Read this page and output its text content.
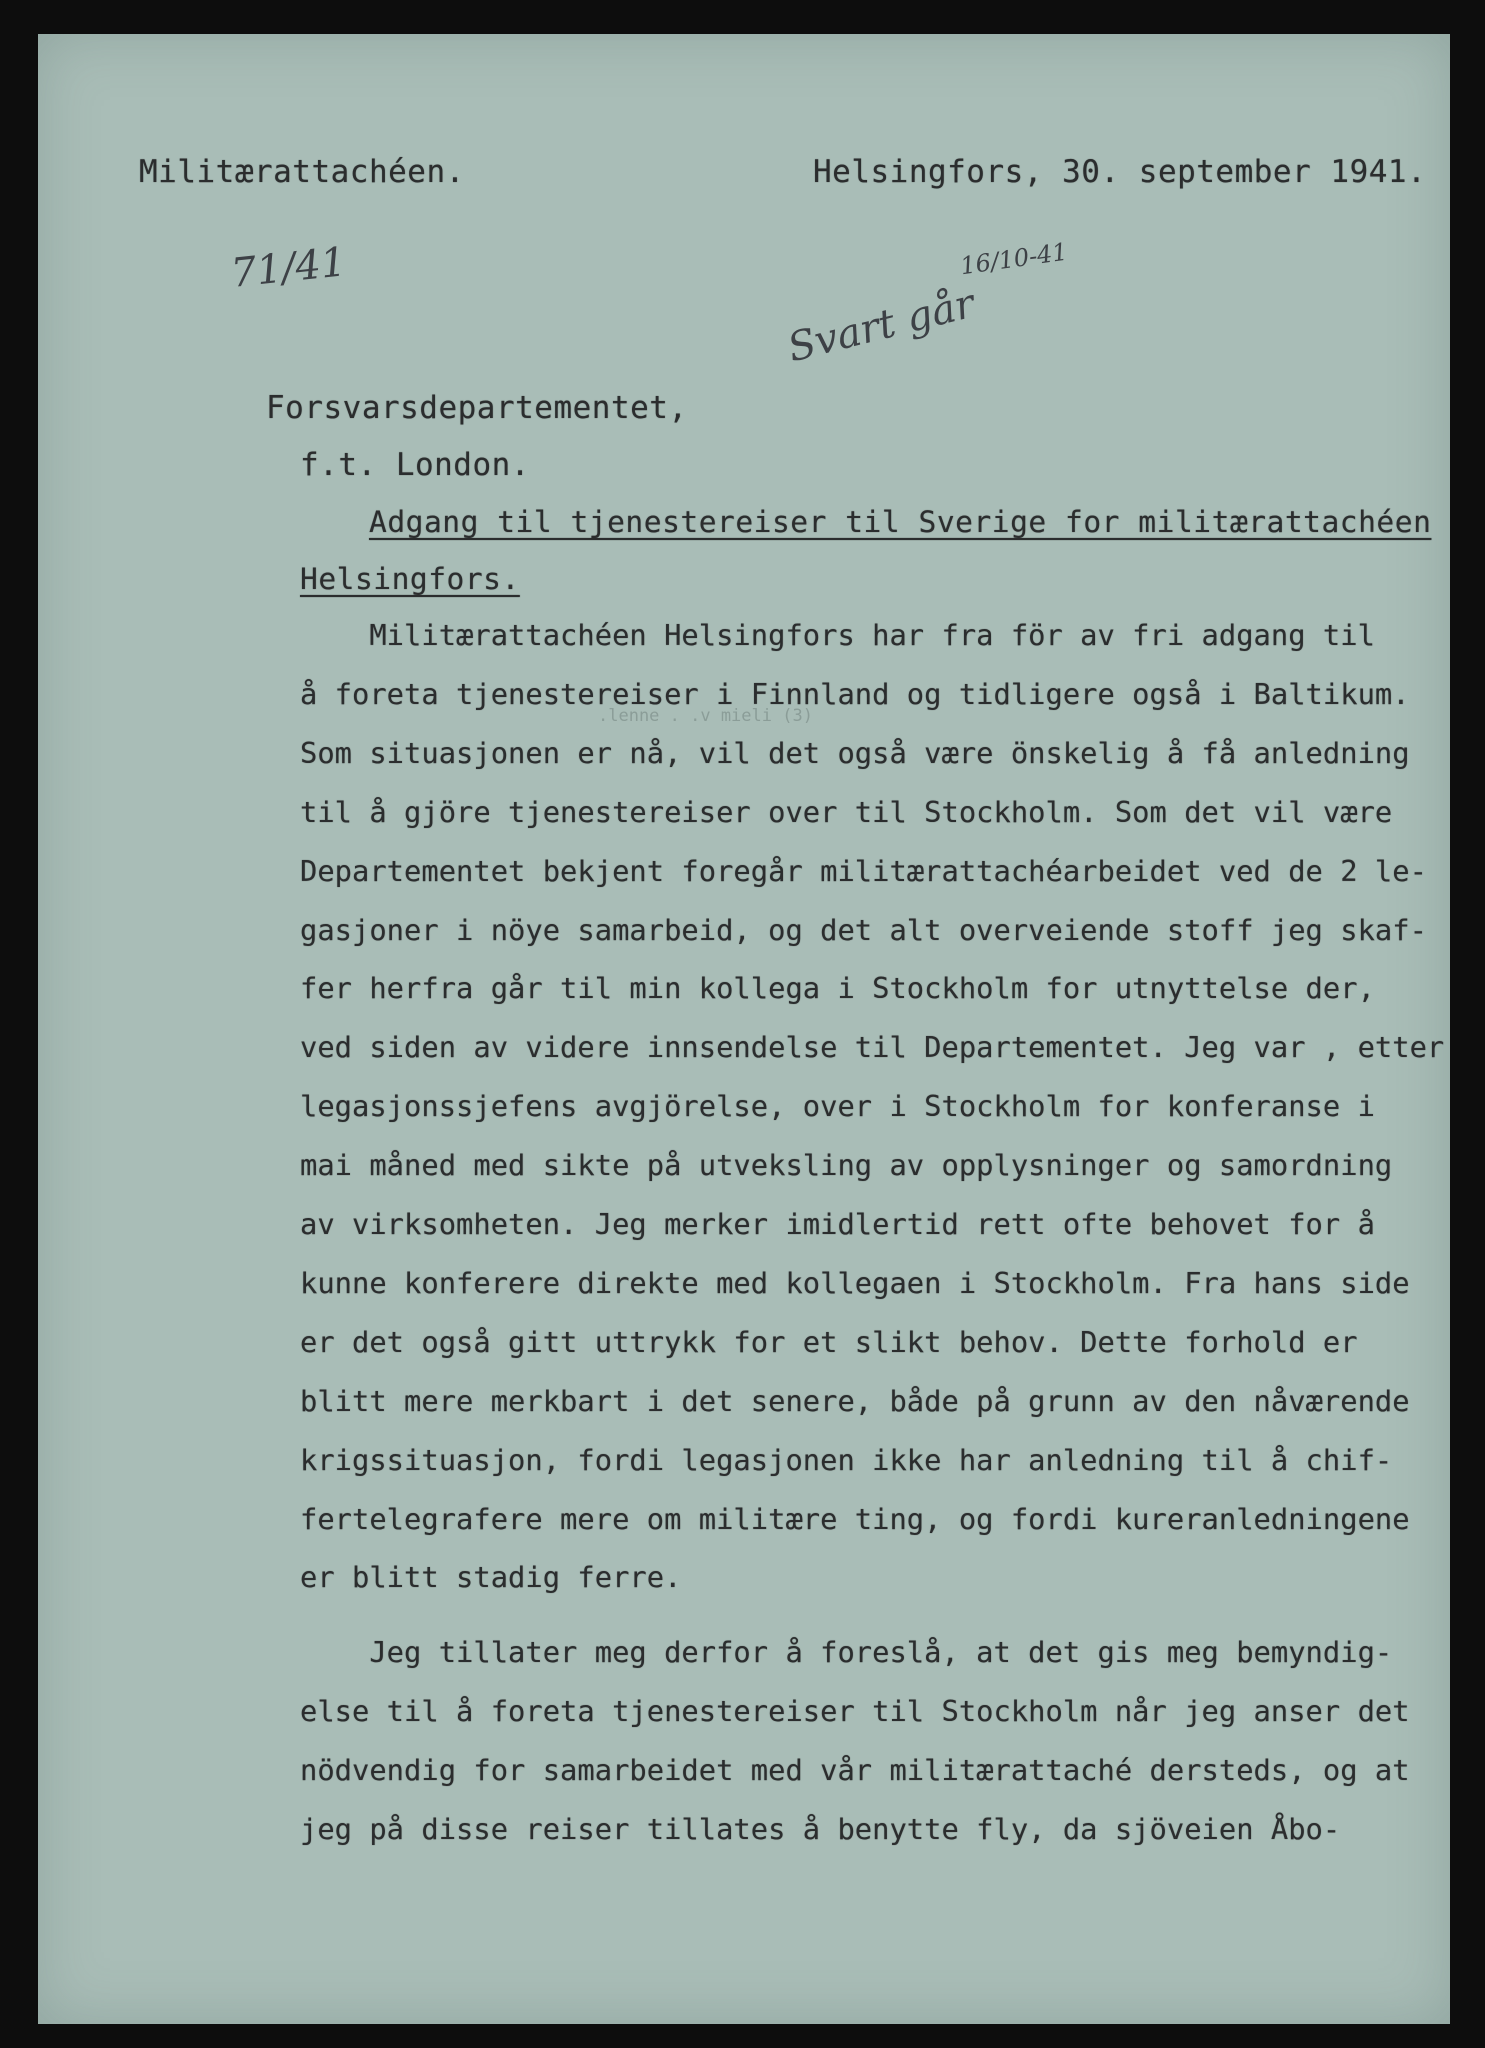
Militærattachéen.	Helsingfors, 30. september 1941.
71/41	16/10-41
Svart går
Forsvarsdepartementet,
f.t. London.
Adgang til tjenestereiser til Sverige for militærattachéen
Helsingfors.
.lenne . .v mieli (3)
Militærattachéen Helsingfors har fra för av fri adgang til
å foreta tjenestereiser i Finnland og tidligere også i Baltikum.
Som situasjonen er nå, vil det også være önskelig å få anledning
til å gjöre tjenestereiser over til Stockholm. Som det vil være
Departementet bekjent foregår militærattachéarbeidet ved de 2 le-
gasjoner i nöye samarbeid, og det alt overveiende stoff jeg skaf-
fer herfra går til min kollega i Stockholm for utnyttelse der,
ved siden av videre innsendelse til Departementet. Jeg var , etter
legasjonssjefens avgjörelse, over i Stockholm for konferanse i
mai måned med sikte på utveksling av opplysninger og samordning
av virksomheten. Jeg merker imidlertid rett ofte behovet for å
kunne konferere direkte med kollegaen i Stockholm. Fra hans side
er det også gitt uttrykk for et slikt behov. Dette forhold er
blitt mere merkbart i det senere, både på grunn av den nåværende
krigssituasjon, fordi legasjonen ikke har anledning til å chif-
fertelegrafere mere om militære ting, og fordi kureranledningene
er blitt stadig ferre.
Jeg tillater meg derfor å foreslå, at det gis meg bemyndig-
else til å foreta tjenestereiser til Stockholm når jeg anser det
nödvendig for samarbeidet med vår militærattaché dersteds, og at
jeg på disse reiser tillates å benytte fly, da sjöveien Åbo-
